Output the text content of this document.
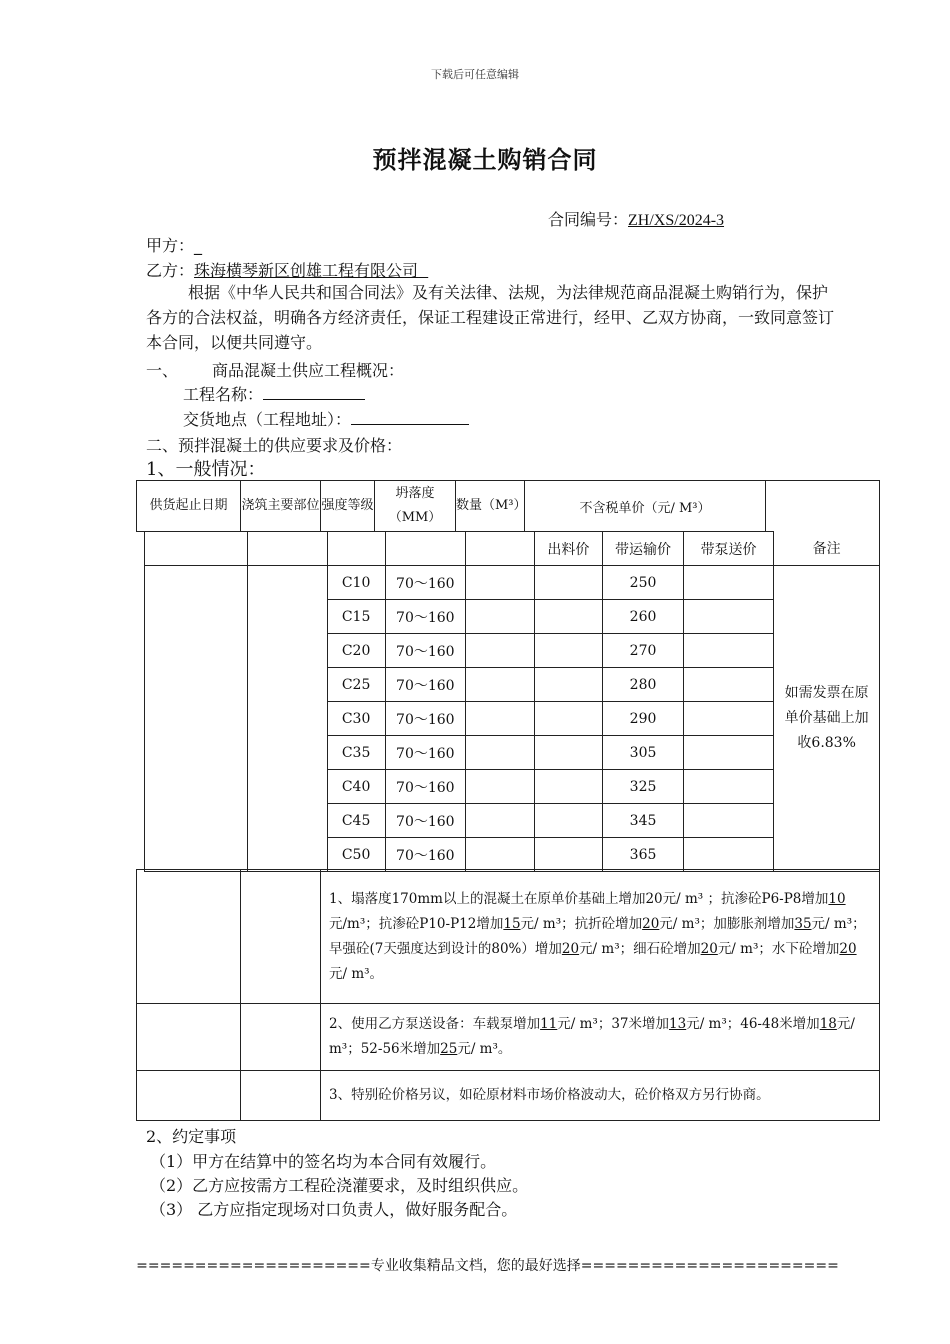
下载后可任意编辑
预拌混凝土购销合同
合同编号：ZH/XS/2024-3
甲方：_
乙方：珠海横琴新区创雄工程有限公司
根据《中华人民共和国合同法》及有关法律、法规，为法律规范商品混凝土购销行为，保护各方的合法权益，明确各方经济责任，保证工程建设正常进行，经甲、乙双方协商，一致同意签订本合同，以便共同遵守。
一、 商品混凝土供应工程概况：
工程名称：
交货地点（工程地址）：
二、预拌混凝土的供应要求及价格：
1、一般情况：
供货起止日期	浇筑主要部位	强度等级	坍落度（MM）	数量（M³）	不含税单价（元/ M³）	
					出料价	带运输价	带泵送价	备注
		C10	70～160			250		如需发票在原单价基础上加收6.83%
		C15	70～160			260		
		C20	70～160			270		
		C25	70～160			280		
		C30	70～160			290		
		C35	70～160			305		
		C40	70～160			325		
		C45	70～160			345		
		C50	70～160			365		
		1、塌落度170mm以上的混凝土在原单价基础上增加20元/ m³ ；抗渗砼P6-P8增加10元/m³；抗渗砼P10-P12增加15元/ m³；抗折砼增加20元/ m³；加膨胀剂增加35元/ m³；早强砼(7天强度达到设计的80%）增加20元/ m³；细石砼增加20元/ m³；水下砼增加20元/ m³。
		2、使用乙方泵送设备：车载泵增加11元/ m³；37米增加13元/ m³；46-48米增加18元/ m³；52-56米增加25元/ m³。
		3、特别砼价格另议，如砼原材料市场价格波动大，砼价格双方另行协商。
2、约定事项
（1）甲方在结算中的签名均为本合同有效履行。
（2）乙方应按需方工程砼浇灌要求，及时组织供应。
（3） 乙方应指定现场对口负责人，做好服务配合。
====================专业收集精品文档，您的最好选择======================
